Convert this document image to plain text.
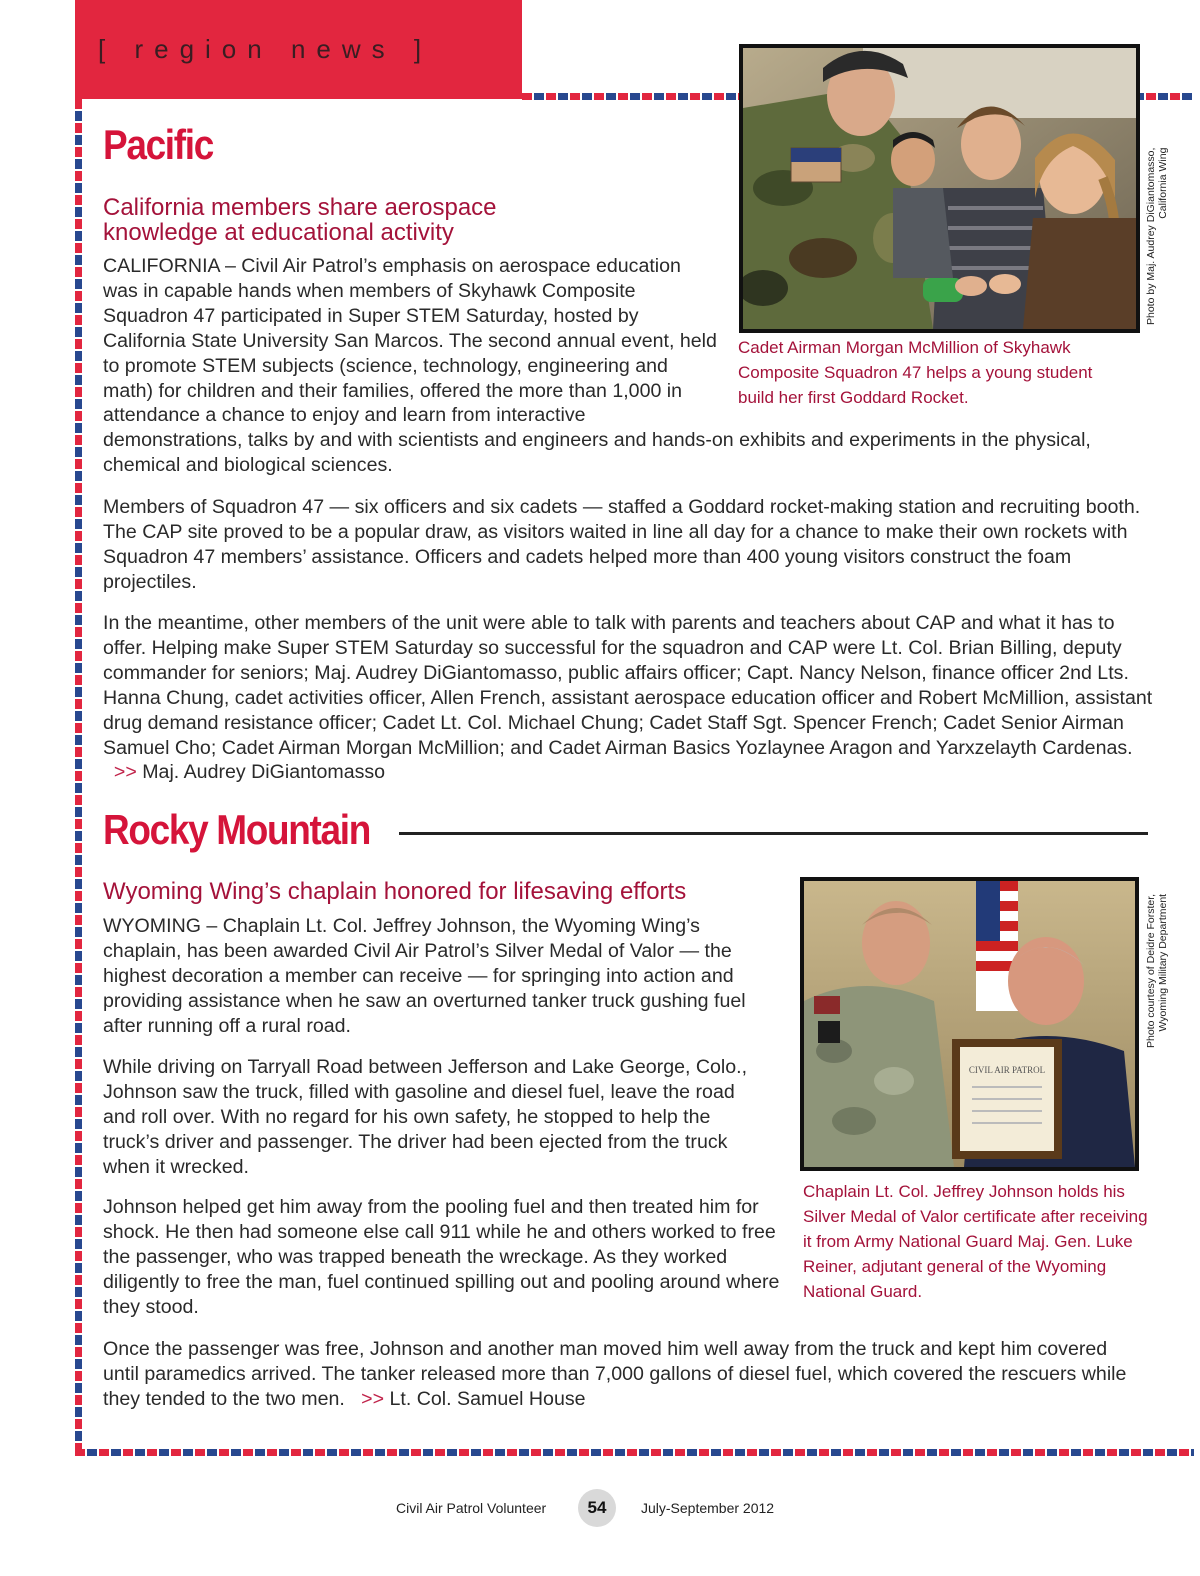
[ region news ]
Pacific
California members share aerospace
knowledge at educational activity	Photo by Maj. Audrey DiGiantomasso,
California Wing

Cadet Airman Morgan McMillion of Skyhawk Composite Squadron 47 helps a young student build her first Goddard Rocket.

CALIFORNIA – Civil Air Patrol’s emphasis on aerospace education was in capable hands when members of Skyhawk Composite Squadron 47 participated in Super STEM Saturday, hosted by California State University San Marcos. The second annual event, held to promote STEM subjects (science, technology, engineering and math) for children and their families, offered the more than 1,000 in attendance a chance to enjoy and learn from interactive demonstrations, talks by and with scientists and engineers and hands-on exhibits and experiments in the physical, chemical and biological sciences.

Members of Squadron 47 — six officers and six cadets — staffed a Goddard rocket-making station and recruiting booth. The CAP site proved to be a popular draw, as visitors waited in line all day for a chance to make their own rockets with Squadron 47 members’ assistance. Officers and cadets helped more than 400 young visitors construct the foam projectiles.

In the meantime, other members of the unit were able to talk with parents and teachers about CAP and what it has to offer. Helping make Super STEM Saturday so successful for the squadron and CAP were Lt. Col. Brian Billing, deputy commander for seniors; Maj. Audrey DiGiantomasso, public affairs officer; Capt. Nancy Nelson, finance officer 2nd Lts. Hanna Chung, cadet activities officer, Allen French, assistant aerospace education officer and Robert McMillion, assistant drug demand resistance officer; Cadet Lt. Col. Michael Chung; Cadet Staff Sgt. Spencer French; Cadet Senior Airman Samuel Cho; Cadet Airman Morgan McMillion; and Cadet Airman Basics Yozlaynee Aragon and Yarxzelayth Cardenas.   >> Maj. Audrey DiGiantomasso

Rocky Mountain
Wyoming Wing’s chaplain honored for lifesaving efforts
CIVIL AIR PATROL
Photo courtesy of Deidre Forster,
Wyoming Military Department

Chaplain Lt. Col. Jeffrey Johnson holds his Silver Medal of Valor certificate after receiving it from Army National Guard Maj. Gen. Luke Reiner, adjutant general of the Wyoming National Guard.

WYOMING – Chaplain Lt. Col. Jeffrey Johnson, the Wyoming Wing’s chaplain, has been awarded Civil Air Patrol’s Silver Medal of Valor — the highest decoration a member can receive — for springing into action and providing assistance when he saw an overturned tanker truck gushing fuel after running off a rural road.

While driving on Tarryall Road between Jefferson and Lake George, Colo., Johnson saw the truck, filled with gasoline and diesel fuel, leave the road and roll over. With no regard for his own safety, he stopped to help the truck’s driver and passenger. The driver had been ejected from the truck when it wrecked.

Johnson helped get him away from the pooling fuel and then treated him for shock. He then had someone else call 911 while he and others worked to free the passenger, who was trapped beneath the wreckage. As they worked diligently to free the man, fuel continued spilling out and pooling around where they stood.

Once the passenger was free, Johnson and another man moved him well away from the truck and kept him covered until paramedics arrived. The tanker released more than 7,000 gallons of diesel fuel, which covered the rescuers while they tended to the two men. >> Lt. Col. Samuel House

Civil Air Patrol Volunteer	54	July-September 2012
